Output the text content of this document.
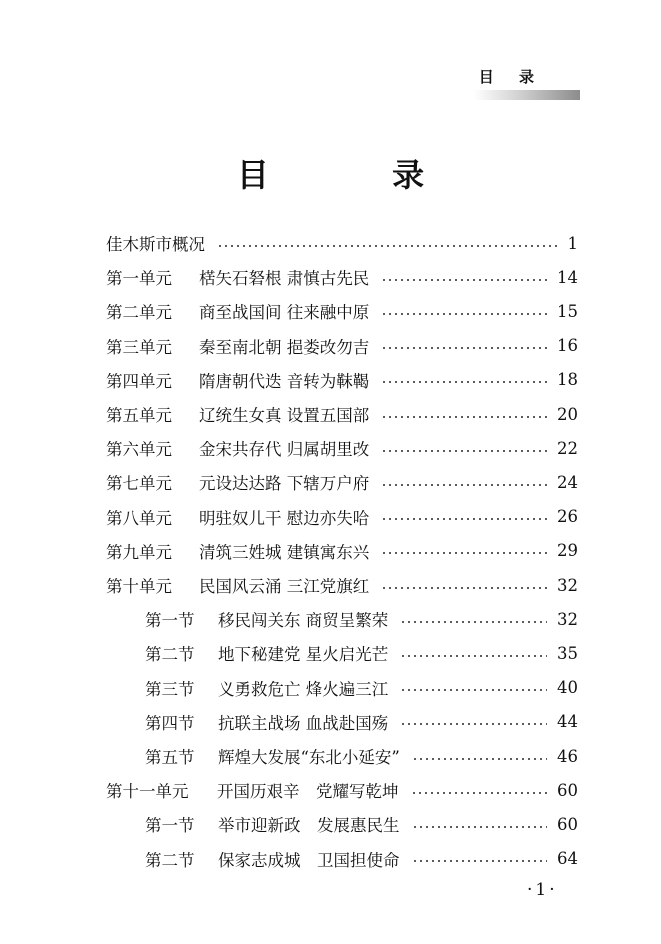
目 录
目 录
佳木斯市概况	1
第一单元	楛矢石砮根 肃慎古先民	14
第二单元	商至战国间 往来融中原	15
第三单元	秦至南北朝 挹娄改勿吉	16
第四单元	隋唐朝代迭 音转为靺鞨	18
第五单元	辽统生女真 设置五国部	20
第六单元	金宋共存代 归属胡里改	22
第七单元	元设达达路 下辖万户府	24
第八单元	明驻奴儿干 慰边亦失哈	26
第九单元	清筑三姓城 建镇寓东兴	29
第十单元	民国风云涌 三江党旗红	32
第一节	移民闯关东 商贸呈繁荣	32
第二节	地下秘建党 星火启光芒	35
第三节	义勇救危亡 烽火遍三江	40
第四节	抗联主战场 血战赴国殇	44
第五节	辉煌大发展“东北小延安”	46
第十一单元	开国历艰辛　党耀写乾坤	60
第一节	举市迎新政　发展惠民生	60
第二节	保家志成城　卫国担使命	64
·1·
